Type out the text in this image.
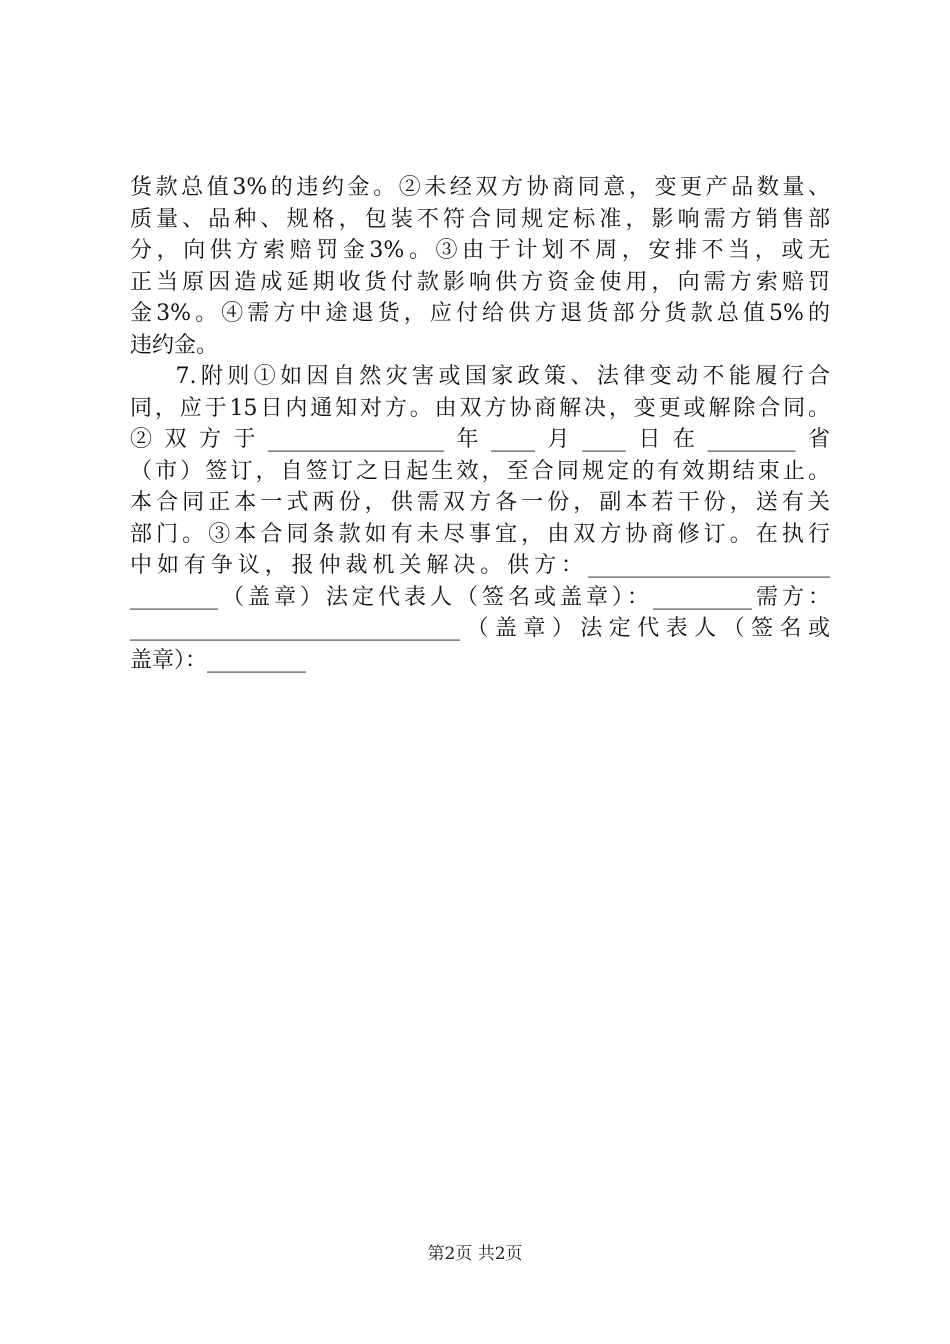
货款总值3%的违约金。②未经双方协商同意，变更产品数量、
质量、品种、规格，包装不符合同规定标准，影响需方销售部
分，向供方索赔罚金3%。③由于计划不周，安排不当，或无
正当原因造成延期收货付款影响供方资金使用，向需方索赔罚
金3%。④需方中途退货，应付给供方退货部分货款总值5%的
违约金。
7.附则①如因自然灾害或国家政策、法律变动不能履行合
同，应于15日内通知对方。由双方协商解决，变更或解除合同。
②双方于________________年____月____日在________省
（市）签订，自签订之日起生效，至合同规定的有效期结束止。
本合同正本一式两份，供需双方各一份，副本若干份，送有关
部门。③本合同条款如有未尽事宜，由双方协商修订。在执行
中如有争议，报仲裁机关解决。供方：______________________
________（盖章）法定代表人（签名或盖章）：_________需方：
______________________________（盖章）法定代表人（签名或
盖章）：_________
第2页 共2页
